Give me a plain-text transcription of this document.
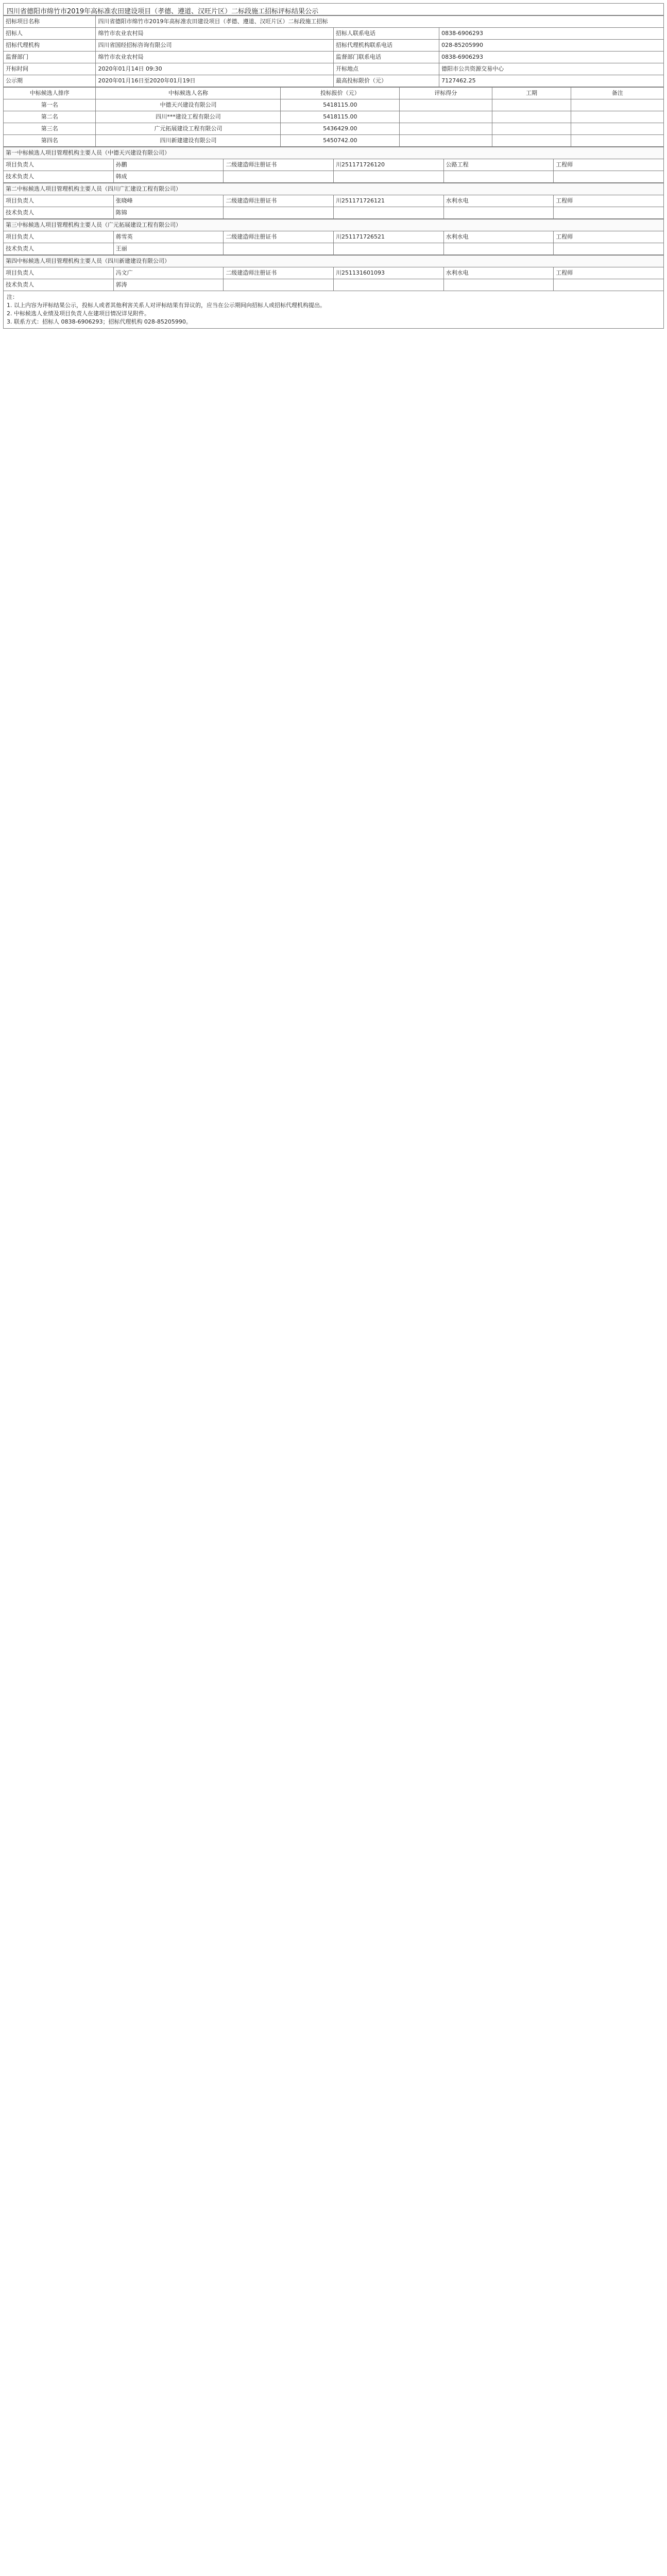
四川省德阳市绵竹市2019年高标准农田建设项目（孝德、遵道、汉旺片区）二标段施工招标评标结果公示
招标项目名称	四川省德阳市绵竹市2019年高标准农田建设项目（孝德、遵道、汉旺片区）二标段施工招标		
招标人	绵竹市农业农村局	招标人联系电话	0838-6906293
招标代理机构	四川省国经招标咨询有限公司	招标代理机构联系电话	028-85205990
监督部门	绵竹市农业农村局	监督部门联系电话	0838-6906293
开标时间	2020年01月14日 09:30	开标地点	德阳市公共资源交易中心
公示期	2020年01月16日至2020年01月19日	最高投标限价（元）	7127462.25
中标候选人排序	中标候选人名称	投标报价（元）	评标得分	工期	备注
第一名	中德天兴建设有限公司	5418115.00			
第二名	四川***建设工程有限公司	5418115.00			
第三名	广元拓展建设工程有限公司	5436429.00			
第四名	四川新建建设有限公司	5450742.00			
第一中标候选人项目管理机构主要人员（中德天兴建设有限公司）					
项目负责人	孙鹏	二级建造师注册证书	川251171726120	公路工程	工程师
技术负责人	韩成				
第二中标候选人项目管理机构主要人员（四川广汇建设工程有限公司）					
项目负责人	张晓峰	二级建造师注册证书	川251171726121	水利水电	工程师
技术负责人	陈锦				
第三中标候选人项目管理机构主要人员（广元拓展建设工程有限公司）					
项目负责人	蒋雪英	二级建造师注册证书	川251171726521	水利水电	工程师
技术负责人	王丽				
第四中标候选人项目管理机构主要人员（四川新建建设有限公司）					
项目负责人	冯文广	二级建造师注册证书	川251131601093	水利水电	工程师
技术负责人	郭涛				

注：

1. 以上内容为评标结果公示，投标人或者其他利害关系人对评标结果有异议的，应当在公示期间向招标人或招标代理机构提出。

2. 中标候选人业绩及项目负责人在建项目情况详见附件。

3. 联系方式：招标人 0838-6906293；招标代理机构 028-85205990。
